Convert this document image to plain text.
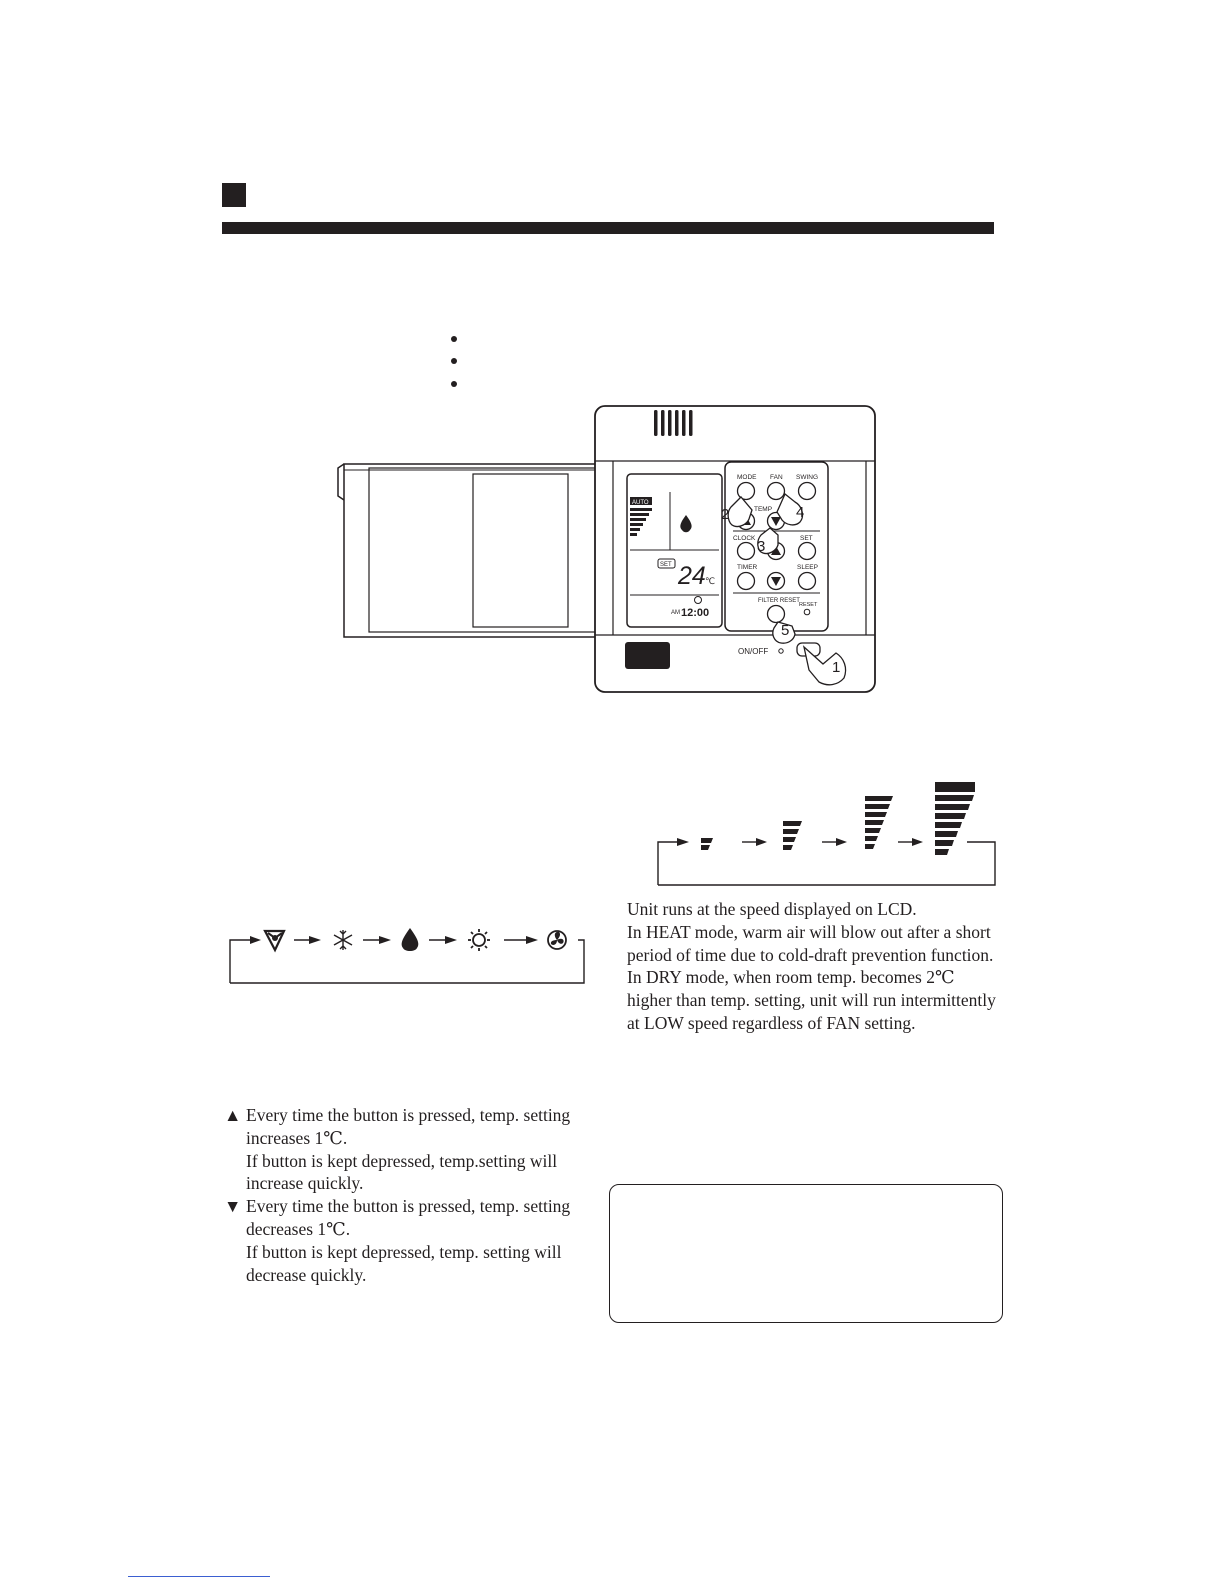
AUTO
SET 24 ℃
AM 12:00
MODE FAN SWING
TEMP
CLOCK	SET
TIMER	SLEEP
FILTER RESET
RESET
ON/OFF
1
2
3
4
5
Unit runs at the speed displayed on LCD.
In HEAT mode, warm air will blow out after a short
period of time due to cold-draft prevention function.
In DRY mode, when room temp. becomes 2℃
higher than temp. setting, unit will run intermittently
at LOW speed regardless of FAN setting.
▲ Every time the button is pressed, temp. setting
increases 1℃.
If button is kept depressed, temp.setting will
increase quickly.
▼ Every time the button is pressed, temp. setting
decreases 1℃.
If button is kept depressed, temp. setting will
decrease quickly.
